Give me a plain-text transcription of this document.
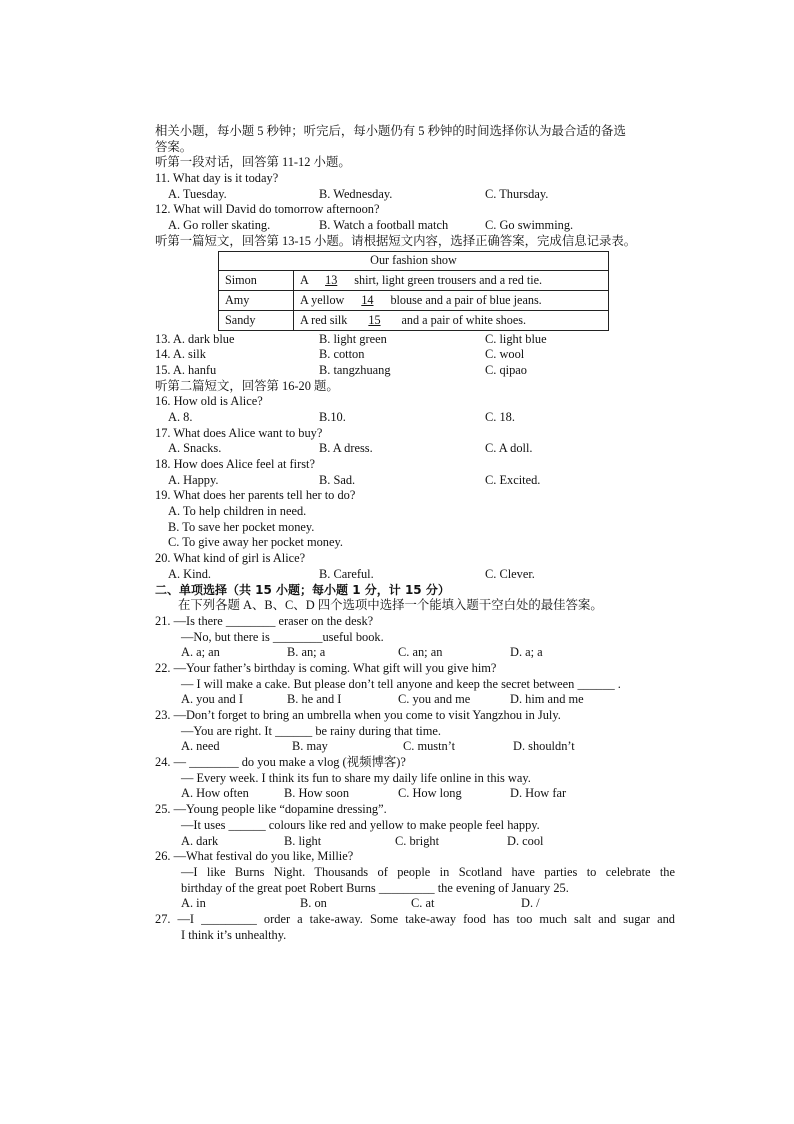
相关小题，每小题 5 秒钟；听完后，每小题仍有 5 秒钟的时间选择你认为最合适的备选
答案。
听第一段对话，回答第 11-12 小题。
11. What day is it today?
A. Tuesday.	B. Wednesday.	C. Thursday.
12. What will David do tomorrow afternoon?
A. Go roller skating.	B. Watch a football match	C. Go swimming.
听第一篇短文，回答第 13-15 小题。请根据短文内容，选择正确答案，完成信息记录表。
Our fashion show	
Simon	A 13 shirt, light green trousers and a red tie.
Amy	A yellow 14 blouse and a pair of blue jeans.
Sandy	A red silk 15 and a pair of white shoes.
13. A. dark blue	B. light green	C. light blue
14. A. silk	B. cotton	C. wool
15. A. hanfu	B. tangzhuang	C. qipao
听第二篇短文，回答第 16-20 题。
16. How old is Alice?
A. 8.	B.10.	C. 18.
17. What does Alice want to buy?
A. Snacks.	B. A dress.	C. A doll.
18. How does Alice feel at first?
A. Happy.	B. Sad.	C. Excited.
19. What does her parents tell her to do?
A. To help children in need.
B. To save her pocket money.
C. To give away her pocket money.
20. What kind of girl is Alice?
A. Kind.	B. Careful.	C. Clever.
二、单项选择（共 15 小题；每小题 1 分，计 15 分）
在下列各题 A、B、C、D 四个选项中选择一个能填入题干空白处的最佳答案。
21. —Is there ________ eraser on the desk?
—No, but there is ________useful book.
A. a; an	B. an; a	C. an; an	D. a; a
22. —Your father’s birthday is coming. What gift will you give him?
— I will make a cake. But please don’t tell anyone and keep the secret between ______ .
A. you and I	B. he and I	C. you and me	D. him and me
23. —Don’t forget to bring an umbrella when you come to visit Yangzhou in July.
—You are right. It ______ be rainy during that time.
A. need	B. may	C. mustn’t	D. shouldn’t
24. — ________ do you make a vlog (视频博客)?
— Every week. I think its fun to share my daily life online in this way.
A. How often	B. How soon	C. How long	D. How far
25. —Young people like “dopamine dressing”.
—It uses ______ colours like red and yellow to make people feel happy.
A. dark	B. light	C. bright	D. cool
26. —What festival do you like, Millie?
—I like Burns Night. Thousands of people in Scotland have parties to celebrate the
birthday of the great poet Robert Burns _________ the evening of January 25.
A. in	B. on	C. at	D. /
27. —I _________ order a take-away. Some take-away food has too much salt and sugar and
I think it’s unhealthy.
